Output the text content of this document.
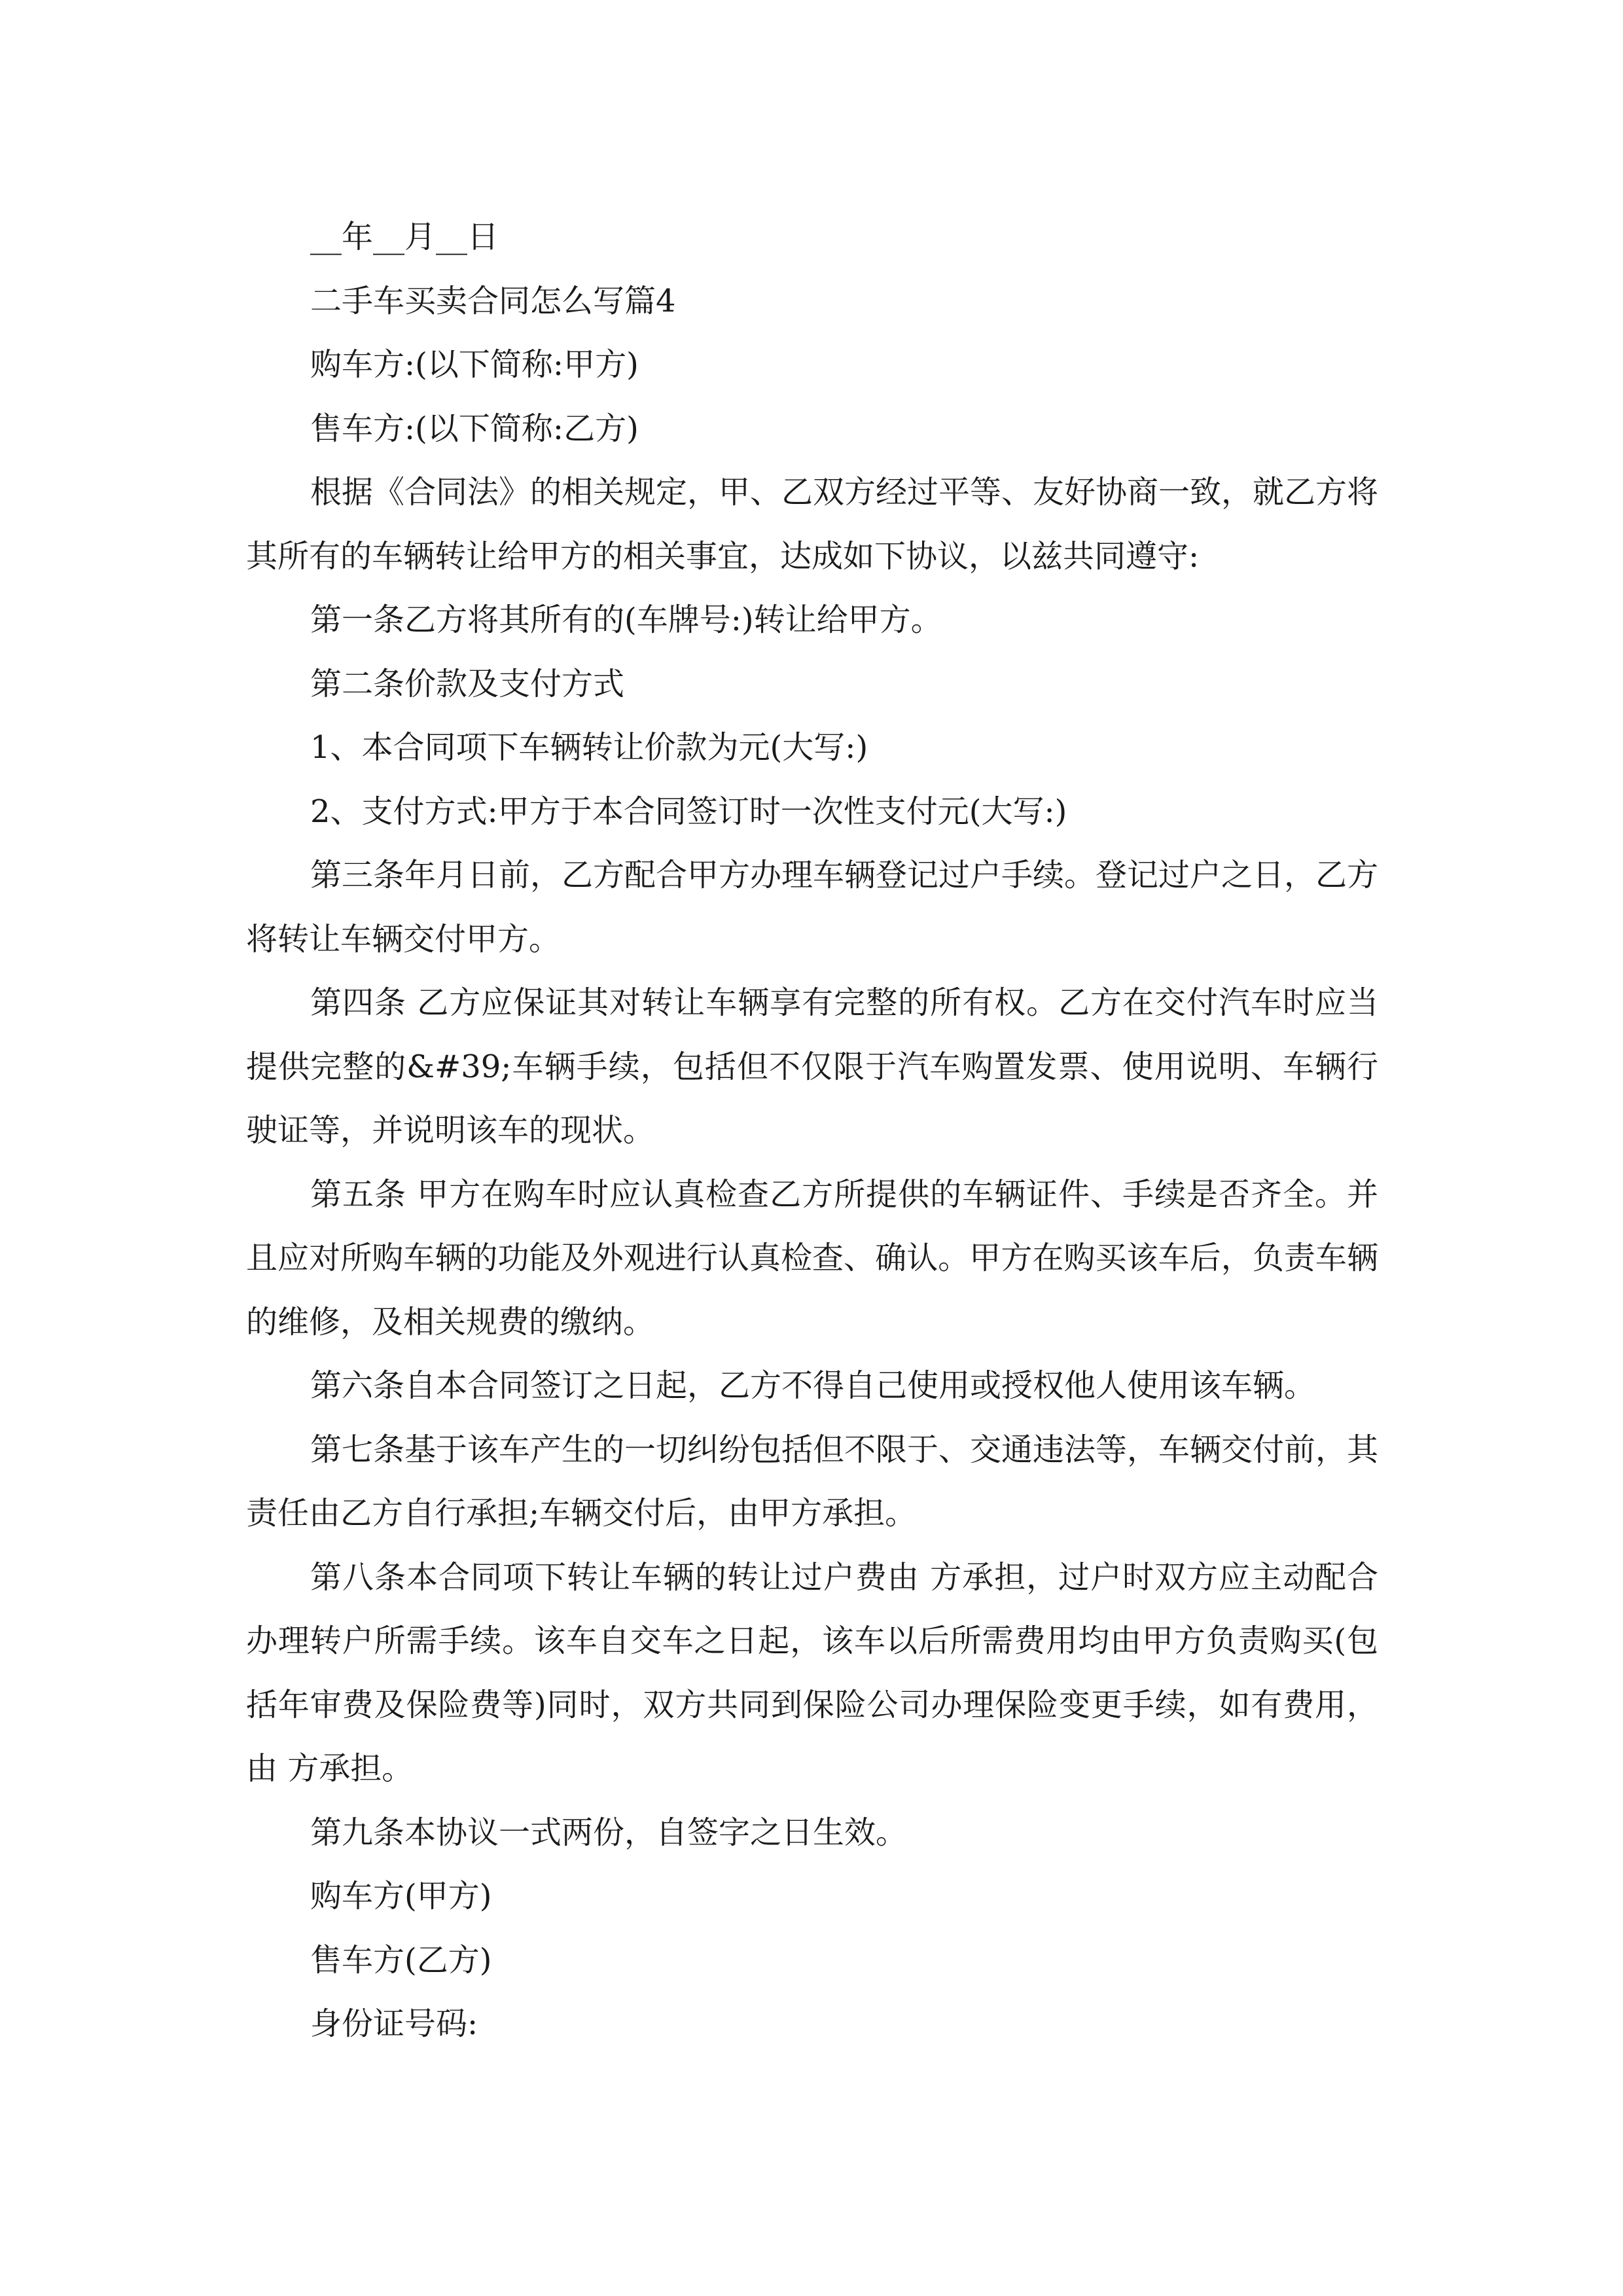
__年__月__日

二手车买卖合同怎么写篇4

购车方:(以下简称:甲方)

售车方:(以下简称:乙方)

根据《合同法》的相关规定，甲、乙双方经过平等、友好协商一致，就乙方将其所有的车辆转让给甲方的相关事宜，达成如下协议，以兹共同遵守:

第一条乙方将其所有的(车牌号:)转让给甲方。

第二条价款及支付方式

1、本合同项下车辆转让价款为元(大写:)

2、支付方式:甲方于本合同签订时一次性支付元(大写:)

第三条年月日前，乙方配合甲方办理车辆登记过户手续。登记过户之日，乙方将转让车辆交付甲方。

第四条 乙方应保证其对转让车辆享有完整的所有权。乙方在交付汽车时应当提供完整的&#39;车辆手续，包括但不仅限于汽车购置发票、使用说明、车辆行驶证等，并说明该车的现状。

第五条 甲方在购车时应认真检查乙方所提供的车辆证件、手续是否齐全。并且应对所购车辆的功能及外观进行认真检查、确认。甲方在购买该车后，负责车辆的维修，及相关规费的缴纳。

第六条自本合同签订之日起，乙方不得自己使用或授权他人使用该车辆。

第七条基于该车产生的一切纠纷包括但不限于、交通违法等，车辆交付前，其责任由乙方自行承担;车辆交付后，由甲方承担。

第八条本合同项下转让车辆的转让过户费由 方承担，过户时双方应主动配合办理转户所需手续。该车自交车之日起，该车以后所需费用均由甲方负责购买(包括年审费及保险费等)同时，双方共同到保险公司办理保险变更手续，如有费用，由 方承担。

第九条本协议一式两份，自签字之日生效。

购车方(甲方)

售车方(乙方)

身份证号码:
